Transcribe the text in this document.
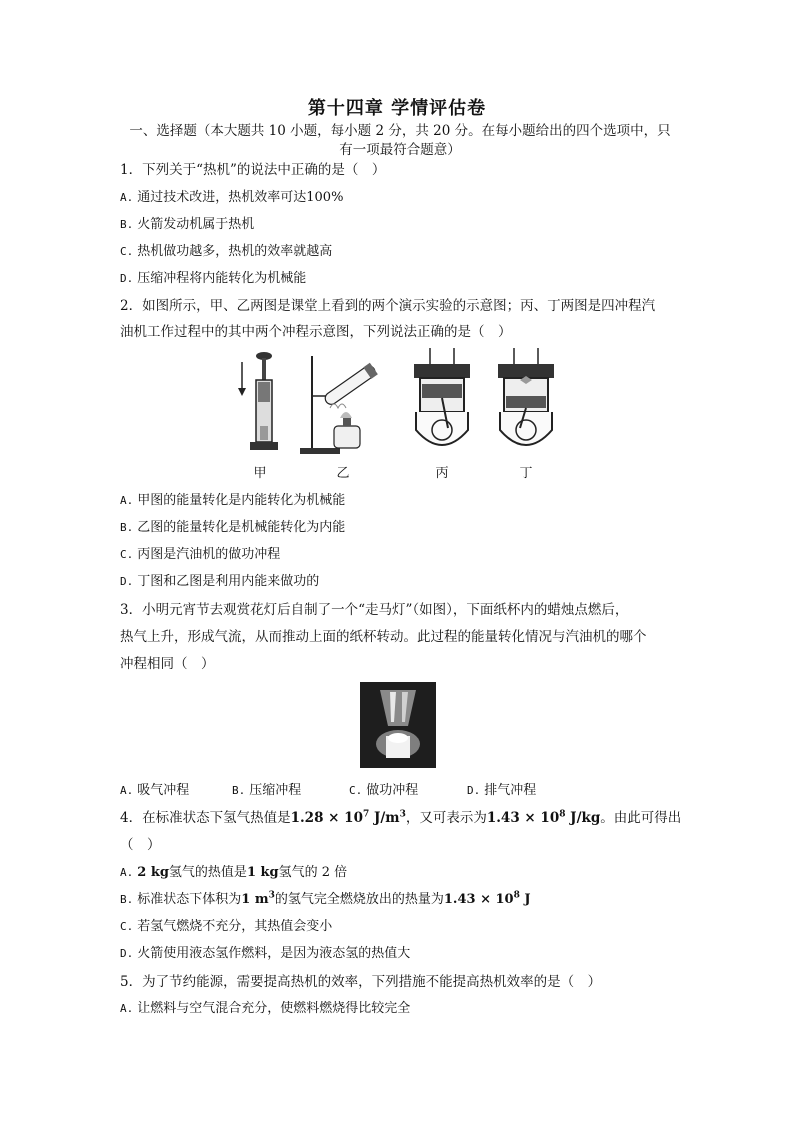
第十四章 学情评估卷
一、选择题（本大题共 10 小题，每小题 2 分，共 20 分。在每小题给出的四个选项中，只
有一项最符合题意）
1．下列关于“热机”的说法中正确的是（　）
A. 通过技术改进，热机效率可达100%
B. 火箭发动机属于热机
C. 热机做功越多，热机的效率就越高
D. 压缩冲程将内能转化为机械能
2．如图所示，甲、乙两图是课堂上看到的两个演示实验的示意图；丙、丁两图是四冲程汽
油机工作过程中的其中两个冲程示意图，下列说法正确的是（　）
甲	乙	丙	丁
A. 甲图的能量转化是内能转化为机械能
B. 乙图的能量转化是机械能转化为内能
C. 丙图是汽油机的做功冲程
D. 丁图和乙图是利用内能来做功的
3．小明元宵节去观赏花灯后自制了一个“走马灯”（如图），下面纸杯内的蜡烛点燃后，
热气上升，形成气流，从而推动上面的纸杯转动。此过程的能量转化情况与汽油机的哪个
冲程相同（　）
A. 吸气冲程	B. 压缩冲程	C. 做功冲程	D. 排气冲程
4．在标准状态下氢气热值是$1.28 \times 10^7$ $J/m^3$，又可表示为$1.43 \times 10^8$ J/kg。由此可得出
（　）
A. 2 kg氢气的热值是1 kg氢气的 2 倍
B. 标准状态下体积为1 $m^3$的氢气完全燃烧放出的热量为$1.43 \times 10^8$ J
C. 若氢气燃烧不充分，其热值会变小
D. 火箭使用液态氢作燃料，是因为液态氢的热值大
5．为了节约能源，需要提高热机的效率，下列措施不能提高热机效率的是（　）
A. 让燃料与空气混合充分，使燃料燃烧得比较完全
